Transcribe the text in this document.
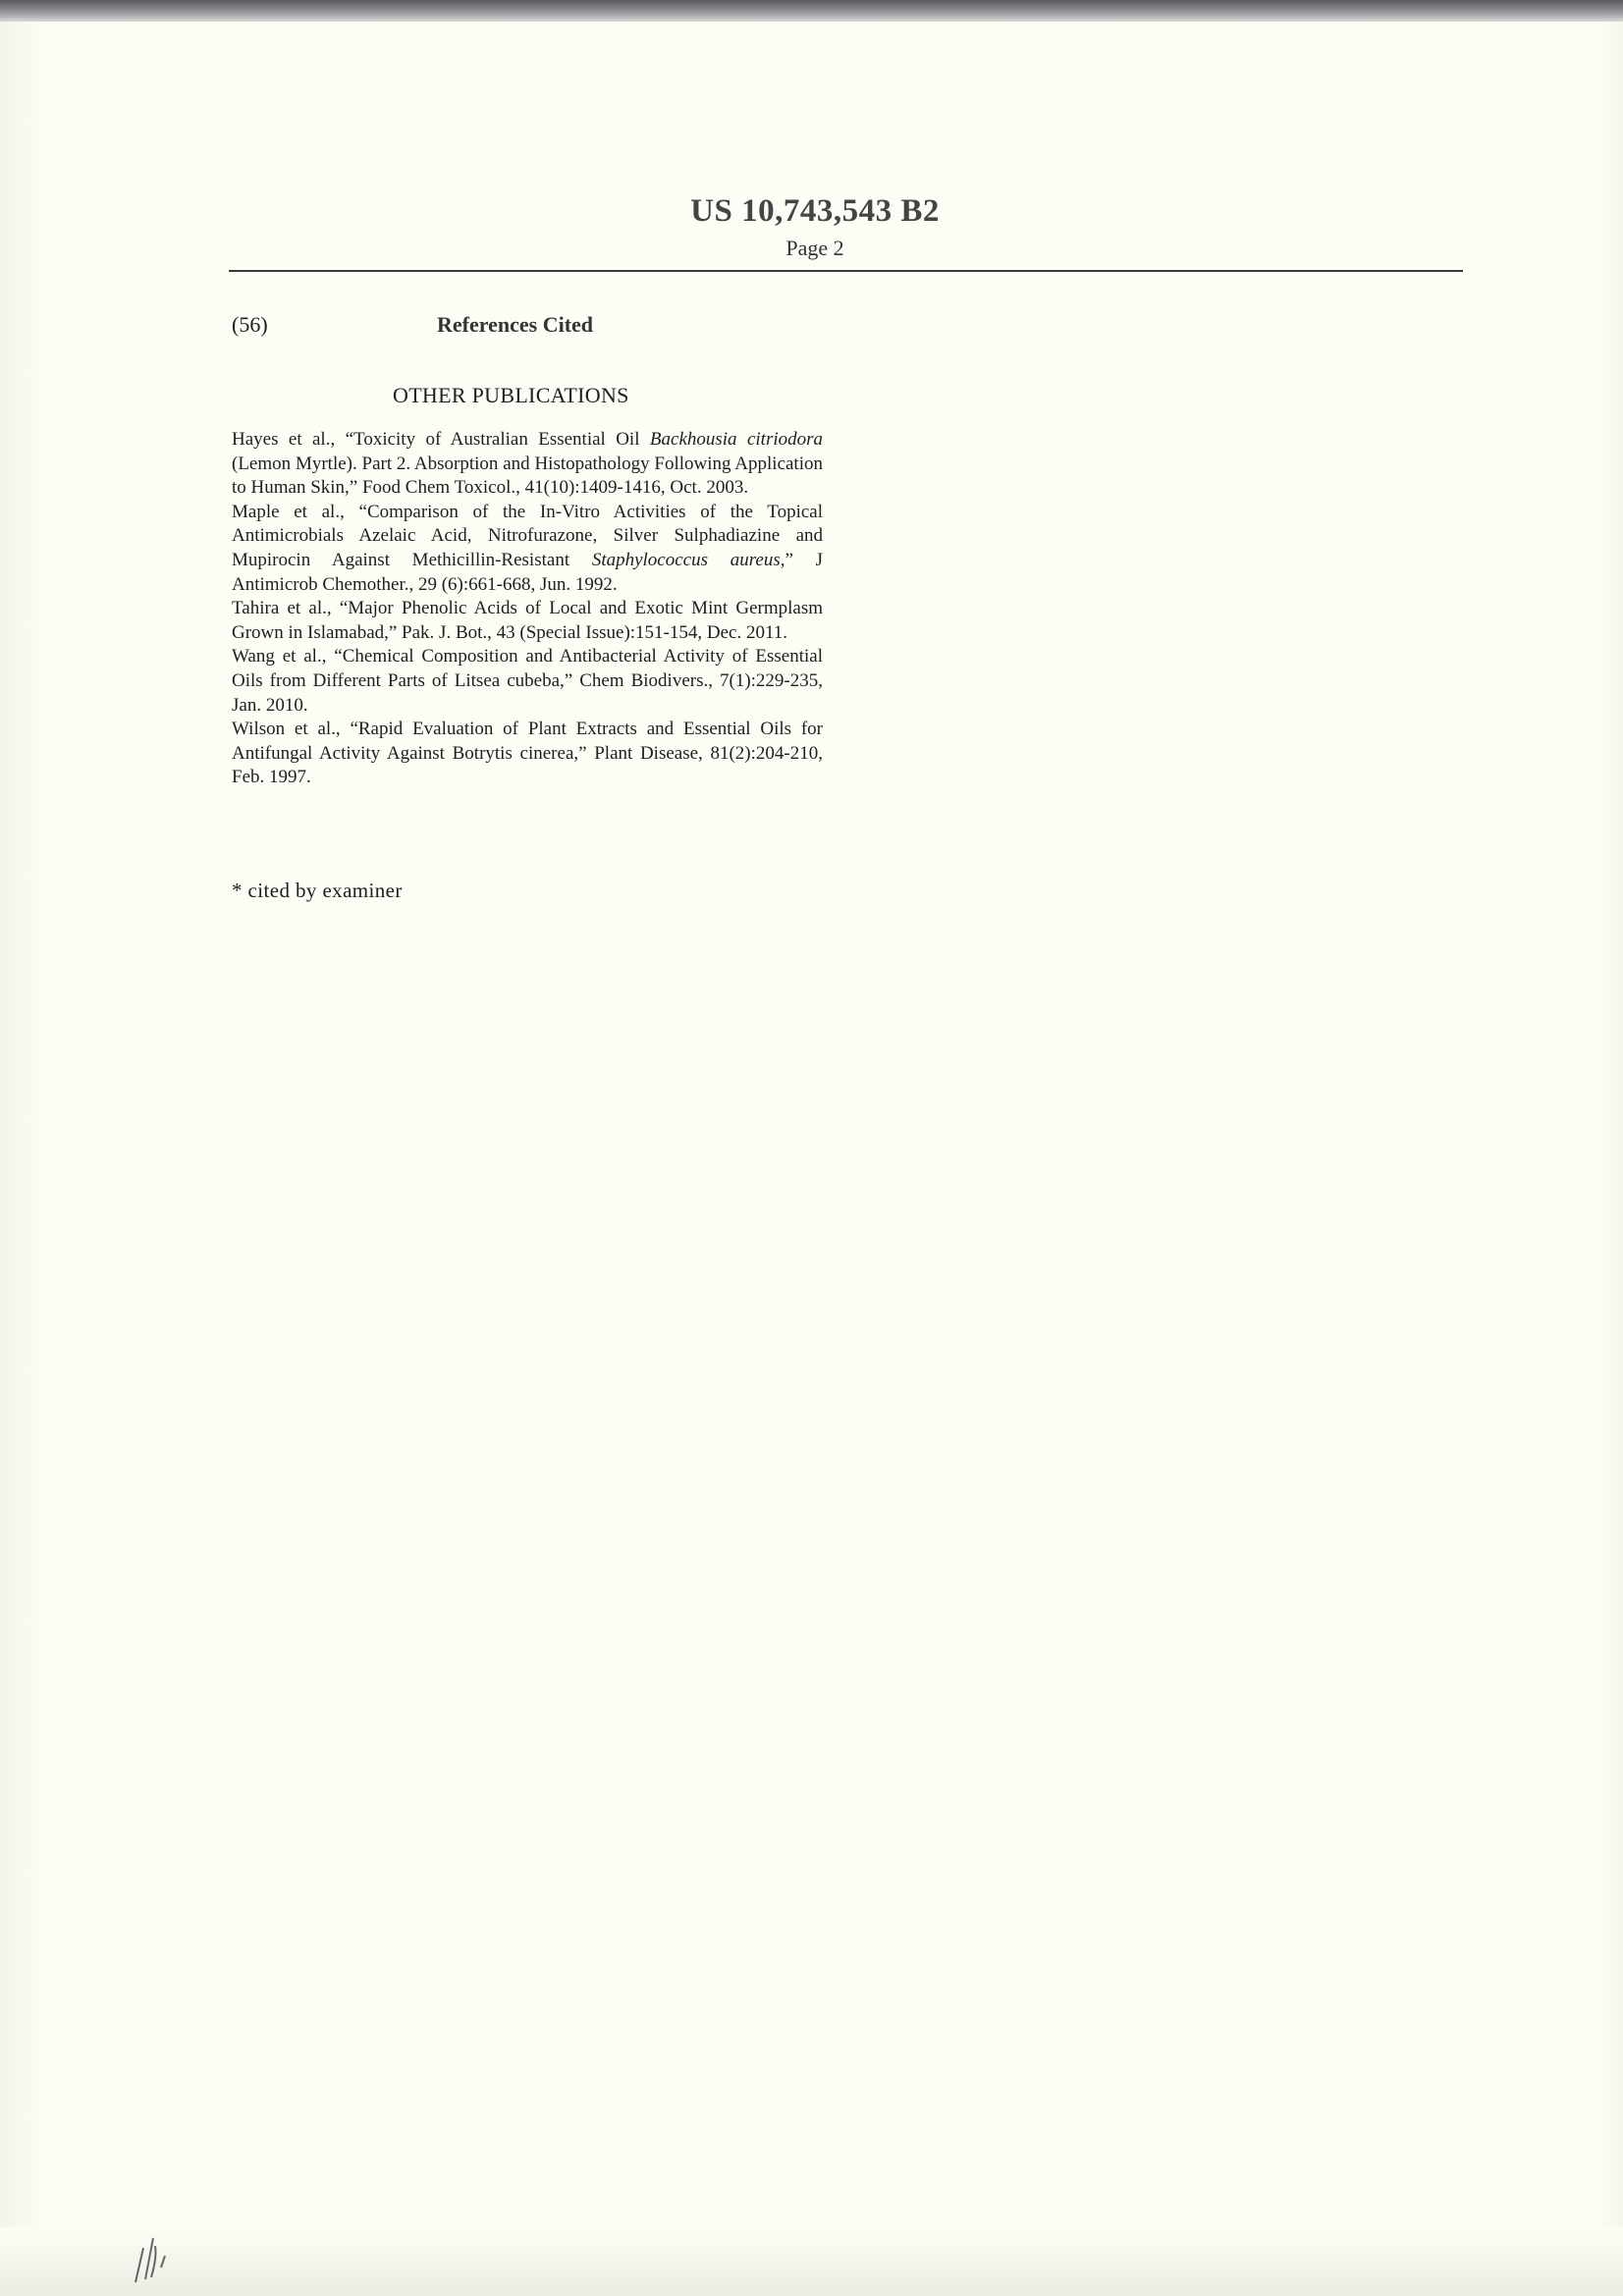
US 10,743,543 B2
Page 2
(56)	References Cited
OTHER PUBLICATIONS

Hayes et al., “Toxicity of Australian Essential Oil Backhousia citriodora (Lemon Myrtle). Part 2. Absorption and Histopathology Following Application to Human Skin,” Food Chem Toxicol., 41(10):1409-1416, Oct. 2003.

Maple et al., “Comparison of the In-Vitro Activities of the Topical Antimicrobials Azelaic Acid, Nitrofurazone, Silver Sulphadiazine and Mupirocin Against Methicillin-Resistant Staphylococcus aureus,” J Antimicrob Chemother., 29 (6):661-668, Jun. 1992.

Tahira et al., “Major Phenolic Acids of Local and Exotic Mint Germplasm Grown in Islamabad,” Pak. J. Bot., 43 (Special Issue):151-154, Dec. 2011.

Wang et al., “Chemical Composition and Antibacterial Activity of Essential Oils from Different Parts of Litsea cubeba,” Chem Biodivers., 7(1):229-235, Jan. 2010.

Wilson et al., “Rapid Evaluation of Plant Extracts and Essential Oils for Antifungal Activity Against Botrytis cinerea,” Plant Disease, 81(2):204-210, Feb. 1997.

* cited by examiner
